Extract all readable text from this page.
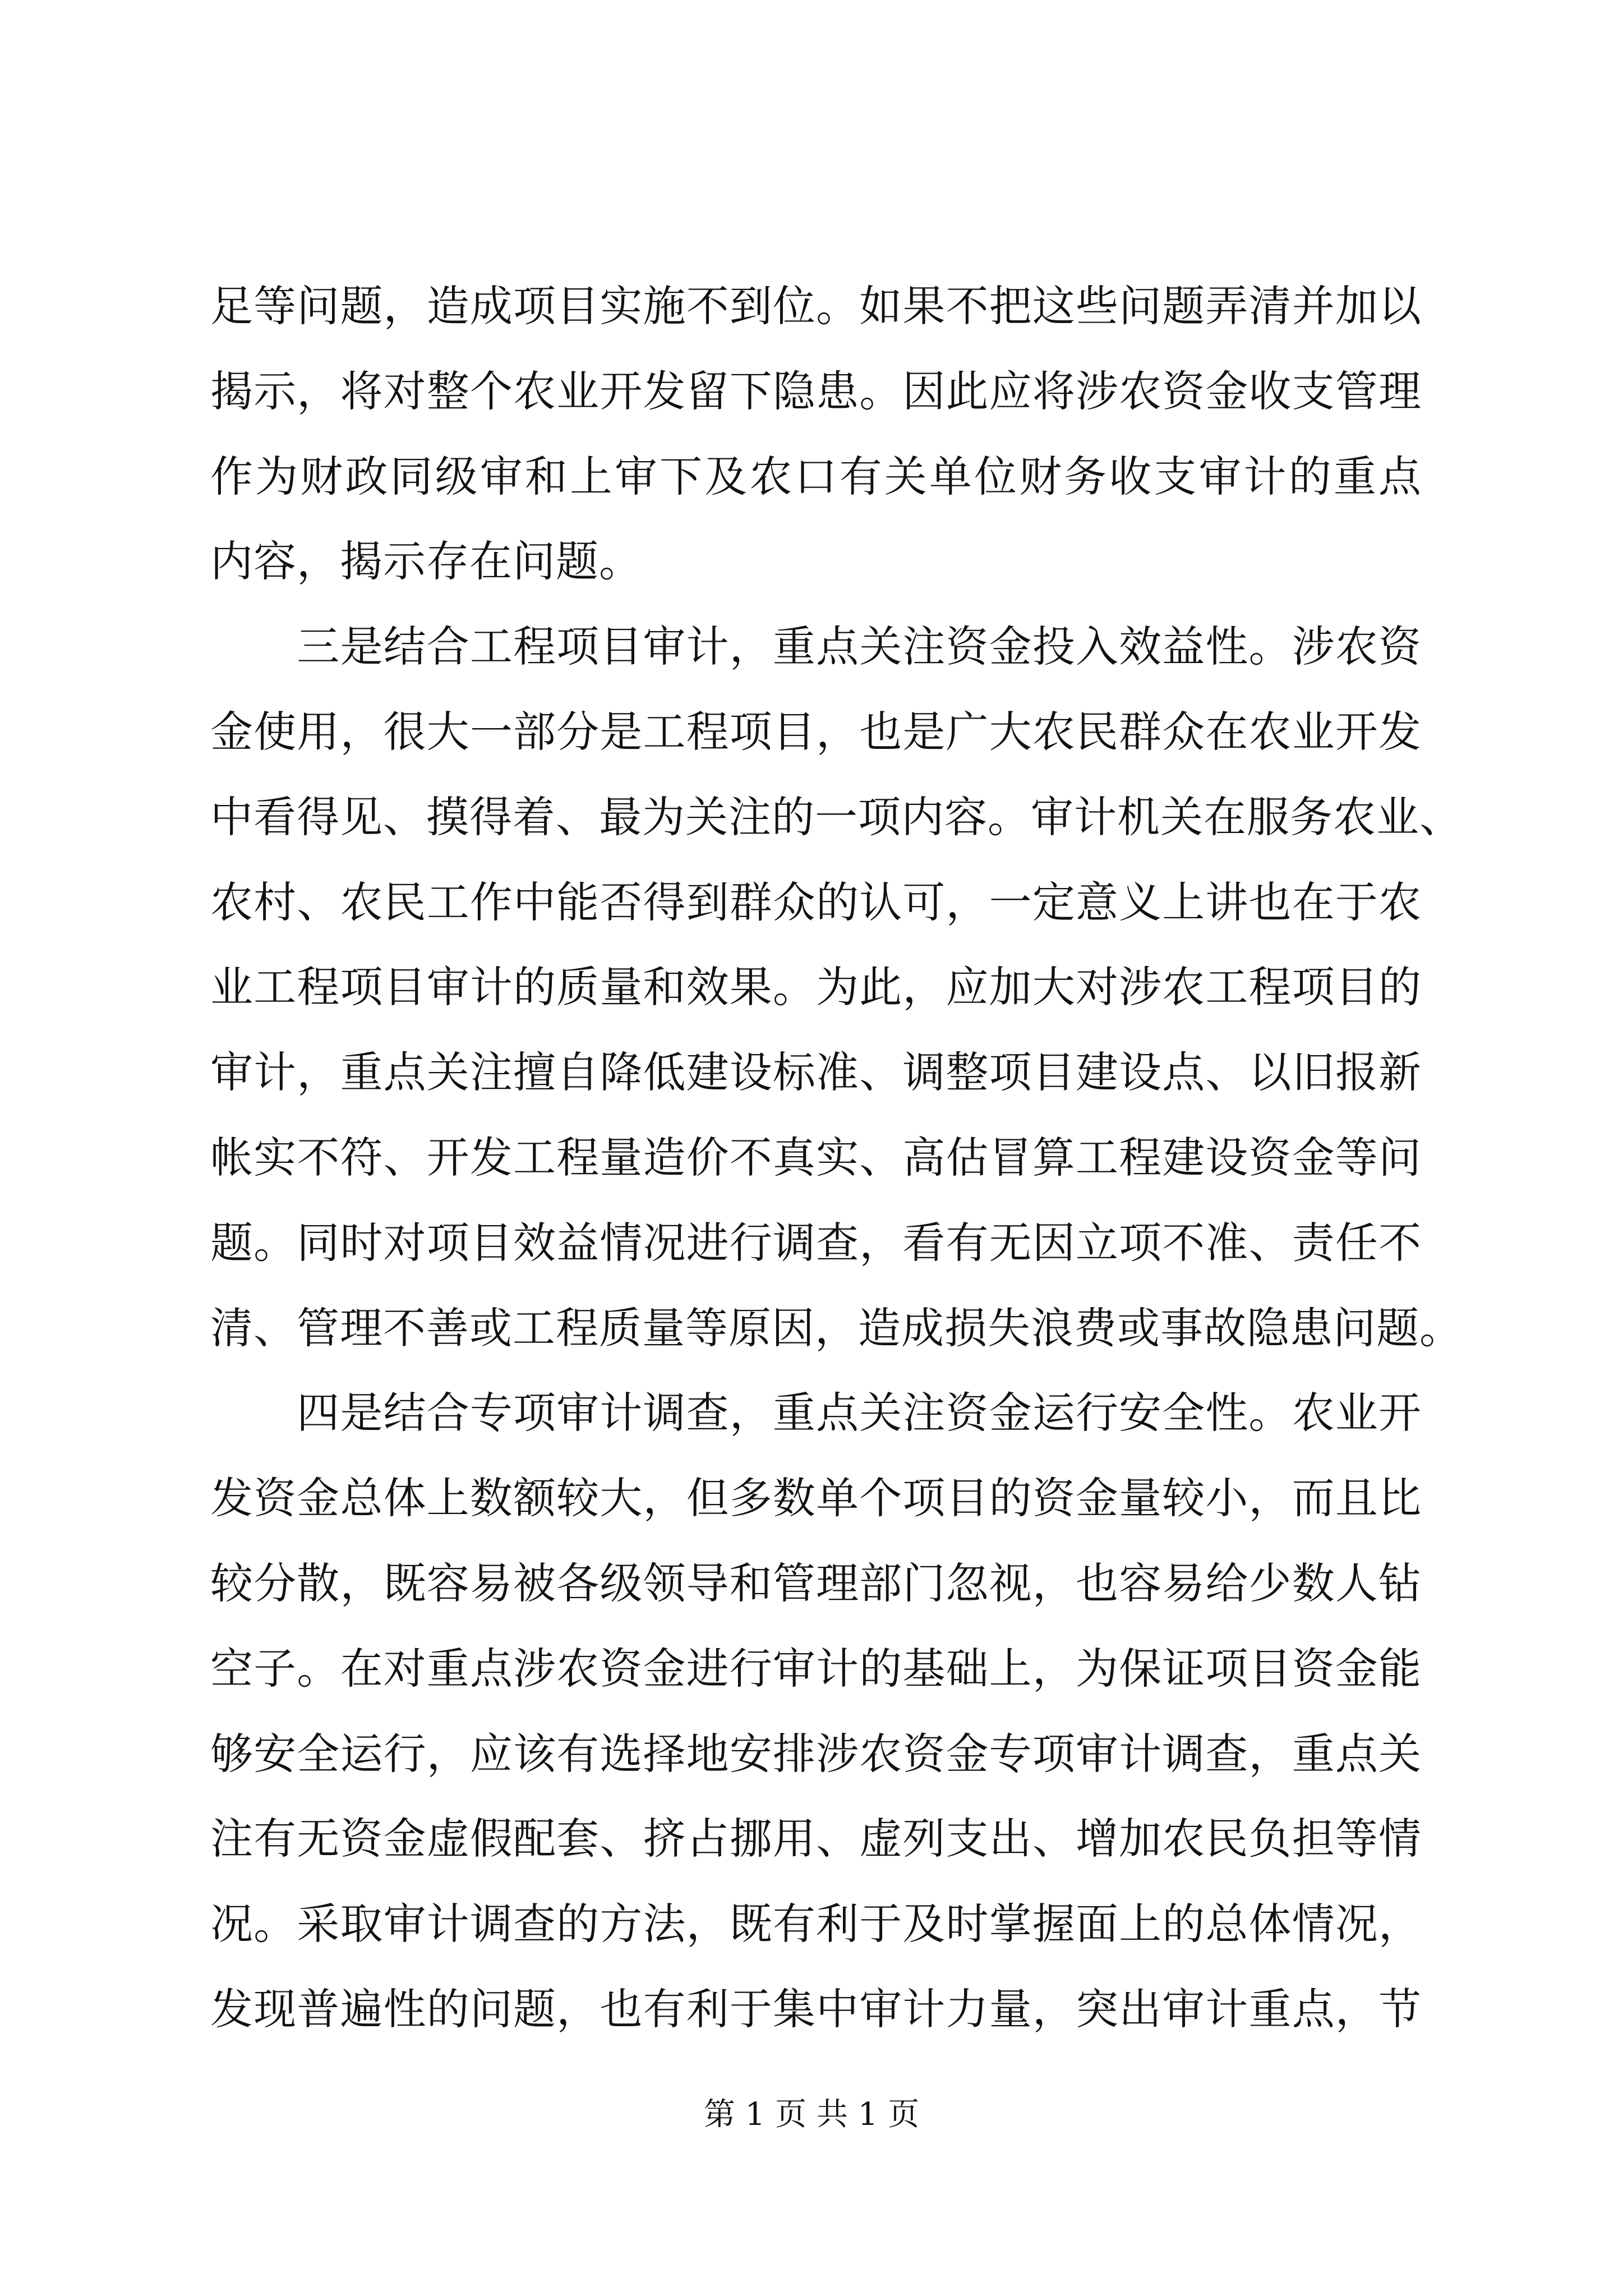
足等问题，造成项目实施不到位。如果不把这些问题弄清并加以
揭示，将对整个农业开发留下隐患。因此应将涉农资金收支管理
作为财政同级审和上审下及农口有关单位财务收支审计的重点
内容，揭示存在问题。
　　三是结合工程项目审计，重点关注资金投入效益性。涉农资
金使用，很大一部分是工程项目，也是广大农民群众在农业开发
中看得见、摸得着、最为关注的一项内容。审计机关在服务农业、
农村、农民工作中能否得到群众的认可，一定意义上讲也在于农
业工程项目审计的质量和效果。为此，应加大对涉农工程项目的
审计，重点关注擅自降低建设标准、调整项目建设点、以旧报新
帐实不符、开发工程量造价不真实、高估冒算工程建设资金等问
题。同时对项目效益情况进行调查，看有无因立项不准、责任不
清、管理不善或工程质量等原因，造成损失浪费或事故隐患问题。
　　四是结合专项审计调查，重点关注资金运行安全性。农业开
发资金总体上数额较大，但多数单个项目的资金量较小，而且比
较分散，既容易被各级领导和管理部门忽视，也容易给少数人钻
空子。在对重点涉农资金进行审计的基础上，为保证项目资金能
够安全运行，应该有选择地安排涉农资金专项审计调查，重点关
注有无资金虚假配套、挤占挪用、虚列支出、增加农民负担等情
况。采取审计调查的方法，既有利于及时掌握面上的总体情况，
发现普遍性的问题，也有利于集中审计力量，突出审计重点，节
第 1 页 共 1 页
